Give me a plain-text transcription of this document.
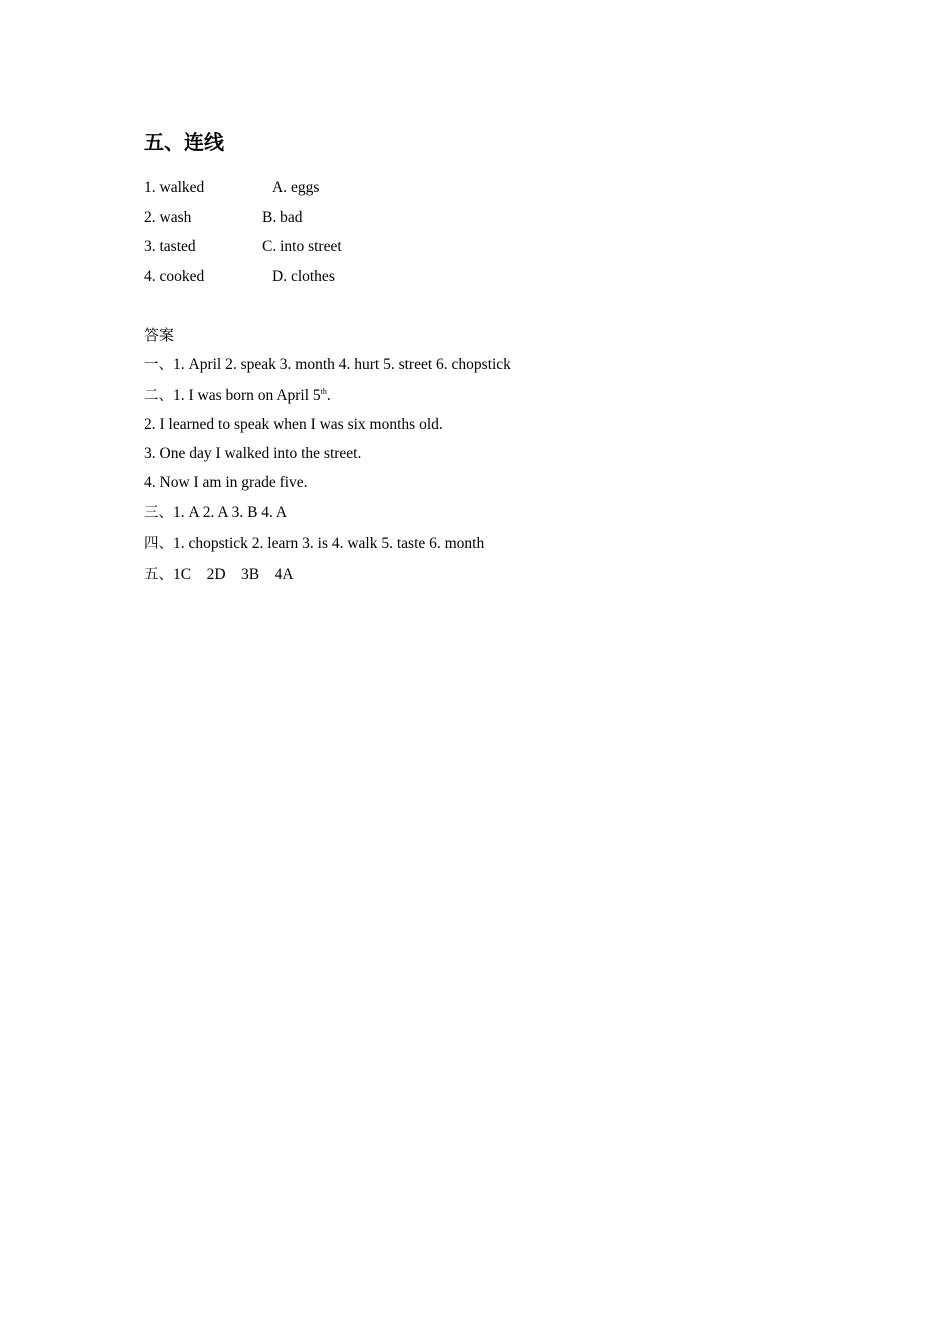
五、连线
1. walked	A. eggs
2. wash	B. bad
3. tasted	C. into street
4. cooked	D. clothes
答案
一、1. April 2. speak 3. month 4. hurt 5. street 6. chopstick
二、1. I was born on April 5th.
2. I learned to speak when I was six months old.
3. One day I walked into the street.
4. Now I am in grade five.
三、1. A 2. A 3. B 4. A
四、1. chopstick 2. learn 3. is 4. walk 5. taste 6. month
五、1C    2D    3B    4A
